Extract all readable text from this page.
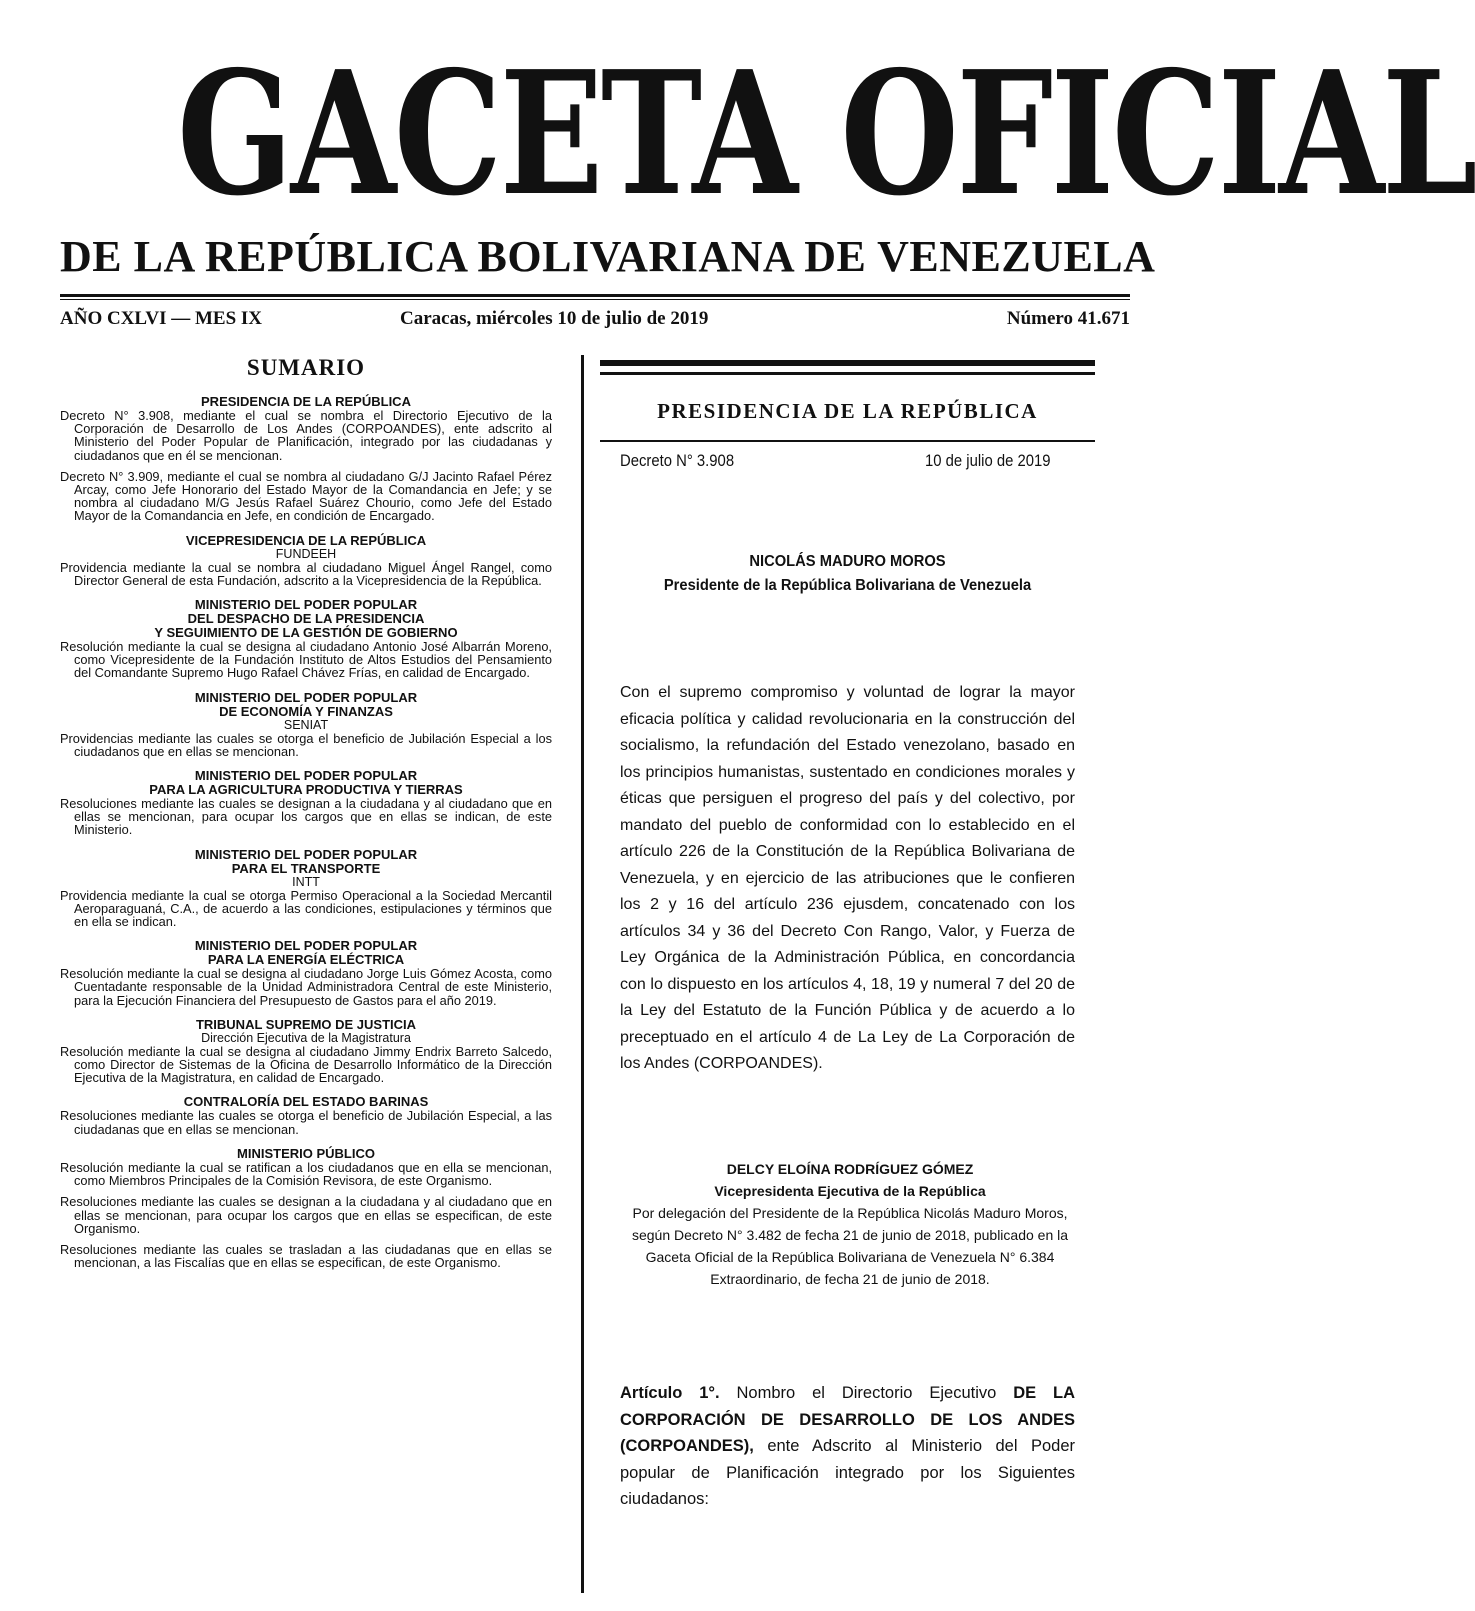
GACETA OFICIAL
DE LA REPÚBLICA BOLIVARIANA DE VENEZUELA
AÑO CXLVI — MES IX	Caracas, miércoles 10 de julio de 2019	Número 41.671
SUMARIO
PRESIDENCIA DE LA REPÚBLICA

Decreto N° 3.908, mediante el cual se nombra el Directorio Ejecutivo de la Corporación de Desarrollo de Los Andes (CORPOANDES), ente adscrito al Ministerio del Poder Popular de Planificación, integrado por las ciudadanas y ciudadanos que en él se mencionan.

Decreto N° 3.909, mediante el cual se nombra al ciudadano G/J Jacinto Rafael Pérez Arcay, como Jefe Honorario del Estado Mayor de la Comandancia en Jefe; y se nombra al ciudadano M/G Jesús Rafael Suárez Chourio, como Jefe del Estado Mayor de la Comandancia en Jefe, en condición de Encargado.

VICEPRESIDENCIA DE LA REPÚBLICA
FUNDEEH

Providencia mediante la cual se nombra al ciudadano Miguel Ángel Rangel, como Director General de esta Fundación, adscrito a la Vicepresidencia de la República.

MINISTERIO DEL PODER POPULAR
DEL DESPACHO DE LA PRESIDENCIA
Y SEGUIMIENTO DE LA GESTIÓN DE GOBIERNO

Resolución mediante la cual se designa al ciudadano Antonio José Albarrán Moreno, como Vicepresidente de la Fundación Instituto de Altos Estudios del Pensamiento del Comandante Supremo Hugo Rafael Chávez Frías, en calidad de Encargado.

MINISTERIO DEL PODER POPULAR
DE ECONOMÍA Y FINANZAS
SENIAT

Providencias mediante las cuales se otorga el beneficio de Jubilación Especial a los ciudadanos que en ellas se mencionan.

MINISTERIO DEL PODER POPULAR
PARA LA AGRICULTURA PRODUCTIVA Y TIERRAS

Resoluciones mediante las cuales se designan a la ciudadana y al ciudadano que en ellas se mencionan, para ocupar los cargos que en ellas se indican, de este Ministerio.

MINISTERIO DEL PODER POPULAR
PARA EL TRANSPORTE
INTT

Providencia mediante la cual se otorga Permiso Operacional a la Sociedad Mercantil Aeroparaguaná, C.A., de acuerdo a las condiciones, estipulaciones y términos que en ella se indican.

MINISTERIO DEL PODER POPULAR
PARA LA ENERGÍA ELÉCTRICA

Resolución mediante la cual se designa al ciudadano Jorge Luis Gómez Acosta, como Cuentadante responsable de la Unidad Administradora Central de este Ministerio, para la Ejecución Financiera del Presupuesto de Gastos para el año 2019.

TRIBUNAL SUPREMO DE JUSTICIA
Dirección Ejecutiva de la Magistratura

Resolución mediante la cual se designa al ciudadano Jimmy Endrix Barreto Salcedo, como Director de Sistemas de la Oficina de Desarrollo Informático de la Dirección Ejecutiva de la Magistratura, en calidad de Encargado.

CONTRALORÍA DEL ESTADO BARINAS

Resoluciones mediante las cuales se otorga el beneficio de Jubilación Especial, a las ciudadanas que en ellas se mencionan.

MINISTERIO PÚBLICO

Resolución mediante la cual se ratifican a los ciudadanos que en ella se mencionan, como Miembros Principales de la Comisión Revisora, de este Organismo.

Resoluciones mediante las cuales se designan a la ciudadana y al ciudadano que en ellas se mencionan, para ocupar los cargos que en ellas se especifican, de este Organismo.

Resoluciones mediante las cuales se trasladan a las ciudadanas que en ellas se mencionan, a las Fiscalías que en ellas se especifican, de este Organismo.

PRESIDENCIA DE LA REPÚBLICA
Decreto N° 3.908	10 de julio de 2019
NICOLÁS MADURO MOROS
Presidente de la República Bolivariana de Venezuela

Con el supremo compromiso y voluntad de lograr la mayor eficacia política y calidad revolucionaria en la construcción del socialismo, la refundación del Estado venezolano, basado en los principios humanistas, sustentado en condiciones morales y éticas que persiguen el progreso del país y del colectivo, por mandato del pueblo de conformidad con lo establecido en el artículo 226 de la Constitución de la República Bolivariana de Venezuela, y en ejercicio de las atribuciones que le confieren los 2 y 16 del artículo 236 ejusdem, concatenado con los artículos 34 y 36 del Decreto Con Rango, Valor, y Fuerza de Ley Orgánica de la Administración Pública, en concordancia con lo dispuesto en los artículos 4, 18, 19 y numeral 7 del 20 de la Ley del Estatuto de la Función Pública y de acuerdo a lo preceptuado en el artículo 4 de La Ley de La Corporación de los Andes (CORPOANDES).

DELCY ELOÍNA RODRÍGUEZ GÓMEZ
Vicepresidenta Ejecutiva de la República
Por delegación del Presidente de la República Nicolás Maduro Moros, según Decreto N° 3.482 de fecha 21 de junio de 2018, publicado en la Gaceta Oficial de la República Bolivariana de Venezuela N° 6.384 Extraordinario, de fecha 21 de junio de 2018.

Artículo 1°. Nombro el Directorio Ejecutivo DE LA CORPORACIÓN DE DESARROLLO DE LOS ANDES (CORPOANDES), ente Adscrito al Ministerio del Poder popular de Planificación integrado por los Siguientes ciudadanos:
